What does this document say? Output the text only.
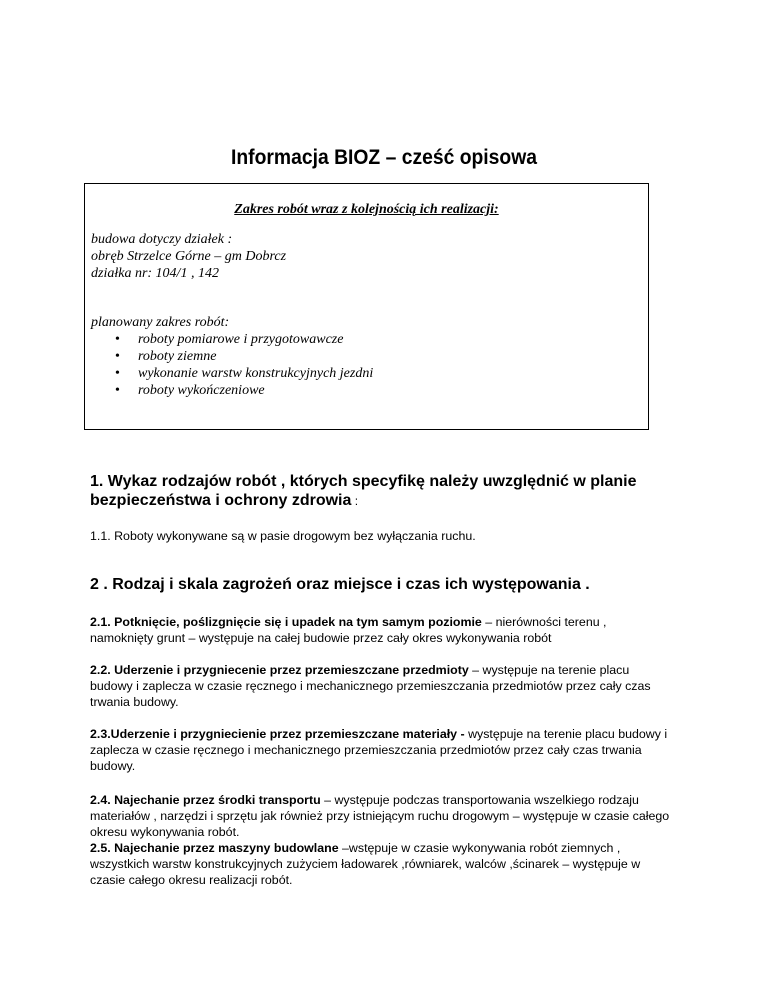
Informacja BIOZ – cześć opisowa
Zakres robót wraz z kolejnością ich realizacji:
budowa dotyczy działek :
obręb Strzelce Górne – gm Dobrcz
działka nr: 104/1 , 142
planowany zakres robót:
• roboty pomiarowe i przygotowawcze
• roboty ziemne
• wykonanie warstw konstrukcyjnych jezdni
• roboty wykończeniowe
1. Wykaz rodzajów robót , których specyfikę należy uwzględnić w planie
bezpieczeństwa i ochrony zdrowia :

1.1. Roboty wykonywane są w pasie drogowym bez wyłączania ruchu.

2 . Rodzaj i skala zagrożeń oraz miejsce i czas ich występowania .

2.1. Potknięcie, poślizgnięcie się i upadek na tym samym poziomie – nierówności terenu , namoknięty grunt – występuje na całej budowie przez cały okres wykonywania robót

2.2. Uderzenie i przygniecenie przez przemieszczane przedmioty – występuje na terenie placu budowy i zaplecza w czasie ręcznego i mechanicznego przemieszczania przedmiotów przez cały czas trwania budowy.

2.3.Uderzenie i przygniecienie przez przemieszczane materiały - występuje na terenie placu budowy i zaplecza w czasie ręcznego i mechanicznego przemieszczania przedmiotów przez cały czas trwania budowy.

2.4. Najechanie przez środki transportu – występuje podczas transportowania wszelkiego rodzaju materiałów , narzędzi i sprzętu jak również przy istniejącym ruchu drogowym – występuje w czasie całego okresu wykonywania robót.

2.5. Najechanie przez maszyny budowlane –wstępuje w czasie wykonywania robót ziemnych , wszystkich warstw konstrukcyjnych zużyciem ładowarek ,równiarek, walców ,ścinarek – występuje w czasie całego okresu realizacji robót.
